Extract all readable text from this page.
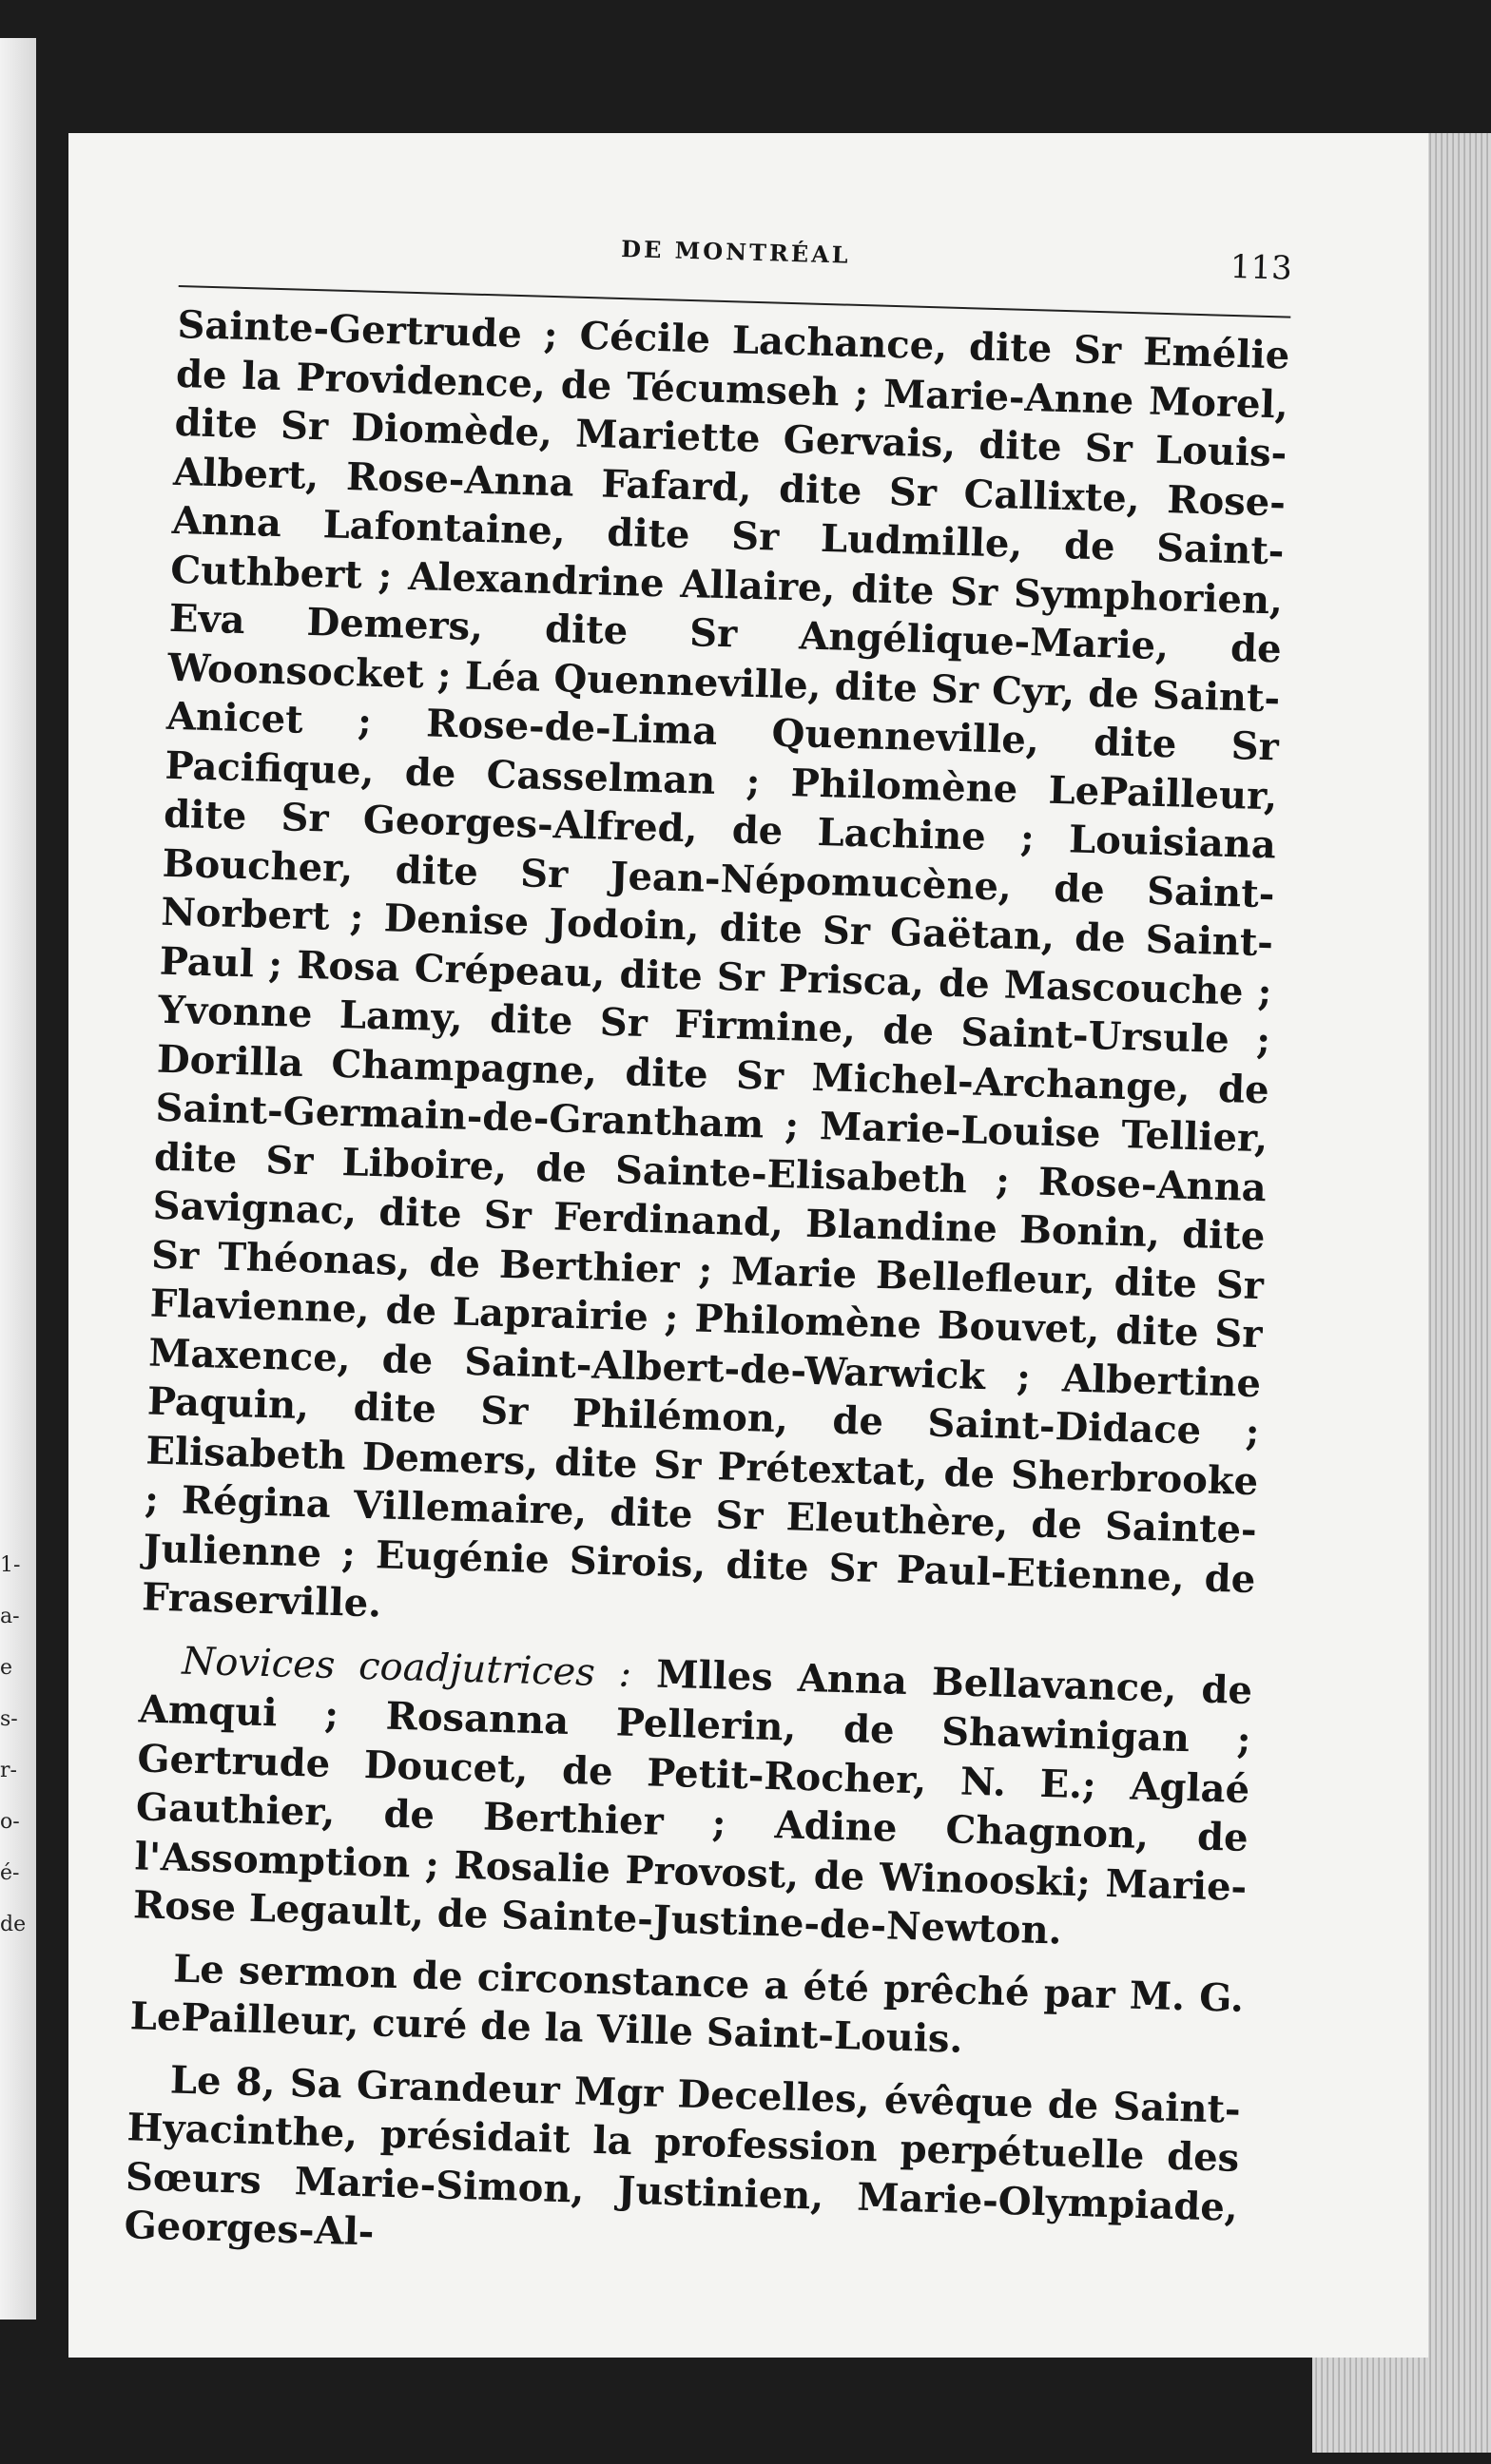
1-
a-
e
s-
r-
o-
é-
de
DE MONTRÉAL	113

Sainte-Gertrude ; Cécile Lachance, dite Sr Emélie de la Providence, de Técumseh ; Marie-Anne Morel, dite Sr Diomède, Mariette Gervais, dite Sr Louis-Albert, Rose-Anna Fafard, dite Sr Callixte, Rose-Anna Lafontaine, dite Sr Ludmille, de Saint-Cuthbert ; Alexandrine Allaire, dite Sr Symphorien, Eva Demers, dite Sr Angélique-Marie, de Woonsocket ; Léa Quenneville, dite Sr Cyr, de Saint-Anicet ; Rose-de-Lima Quenneville, dite Sr Pacifique, de Casselman ; Philomène LePailleur, dite Sr Georges-Alfred, de Lachine ; Louisiana Boucher, dite Sr Jean-Népomucène, de Saint-Norbert ; Denise Jodoin, dite Sr Gaëtan, de Saint-Paul ; Rosa Crépeau, dite Sr Prisca, de Mascouche ; Yvonne Lamy, dite Sr Firmine, de Saint-Ursule ; Dorilla Champagne, dite Sr Michel-Archange, de Saint-Germain-de-Grantham ; Marie-Louise Tellier, dite Sr Liboire, de Sainte-Elisabeth ; Rose-Anna Savignac, dite Sr Ferdinand, Blandine Bonin, dite Sr Théonas, de Berthier ; Marie Bellefleur, dite Sr Flavienne, de Laprairie ; Philomène Bouvet, dite Sr Maxence, de Saint-Albert-de-Warwick ; Albertine Paquin, dite Sr Philémon, de Saint-Didace ; Elisabeth Demers, dite Sr Prétextat, de Sherbrooke ; Régina Villemaire, dite Sr Eleuthère, de Sainte-Julienne ; Eugénie Sirois, dite Sr Paul-Etienne, de Fraserville.

Novices coadjutrices : Mlles Anna Bellavance, de Amqui ; Rosanna Pellerin, de Shawinigan ; Gertrude Doucet, de Petit-Rocher, N. E.; Aglaé Gauthier, de Berthier ; Adine Chagnon, de l'Assomption ; Rosalie Provost, de Winooski; Marie-Rose Legault, de Sainte-Justine-de-Newton.

Le sermon de circonstance a été prêché par M. G. LePailleur, curé de la Ville Saint-Louis.

Le 8, Sa Grandeur Mgr Decelles, évêque de Saint-Hyacinthe, présidait la profession perpétuelle des Sœurs Marie-Simon, Justinien, Marie-Olympiade, Georges-Al-
